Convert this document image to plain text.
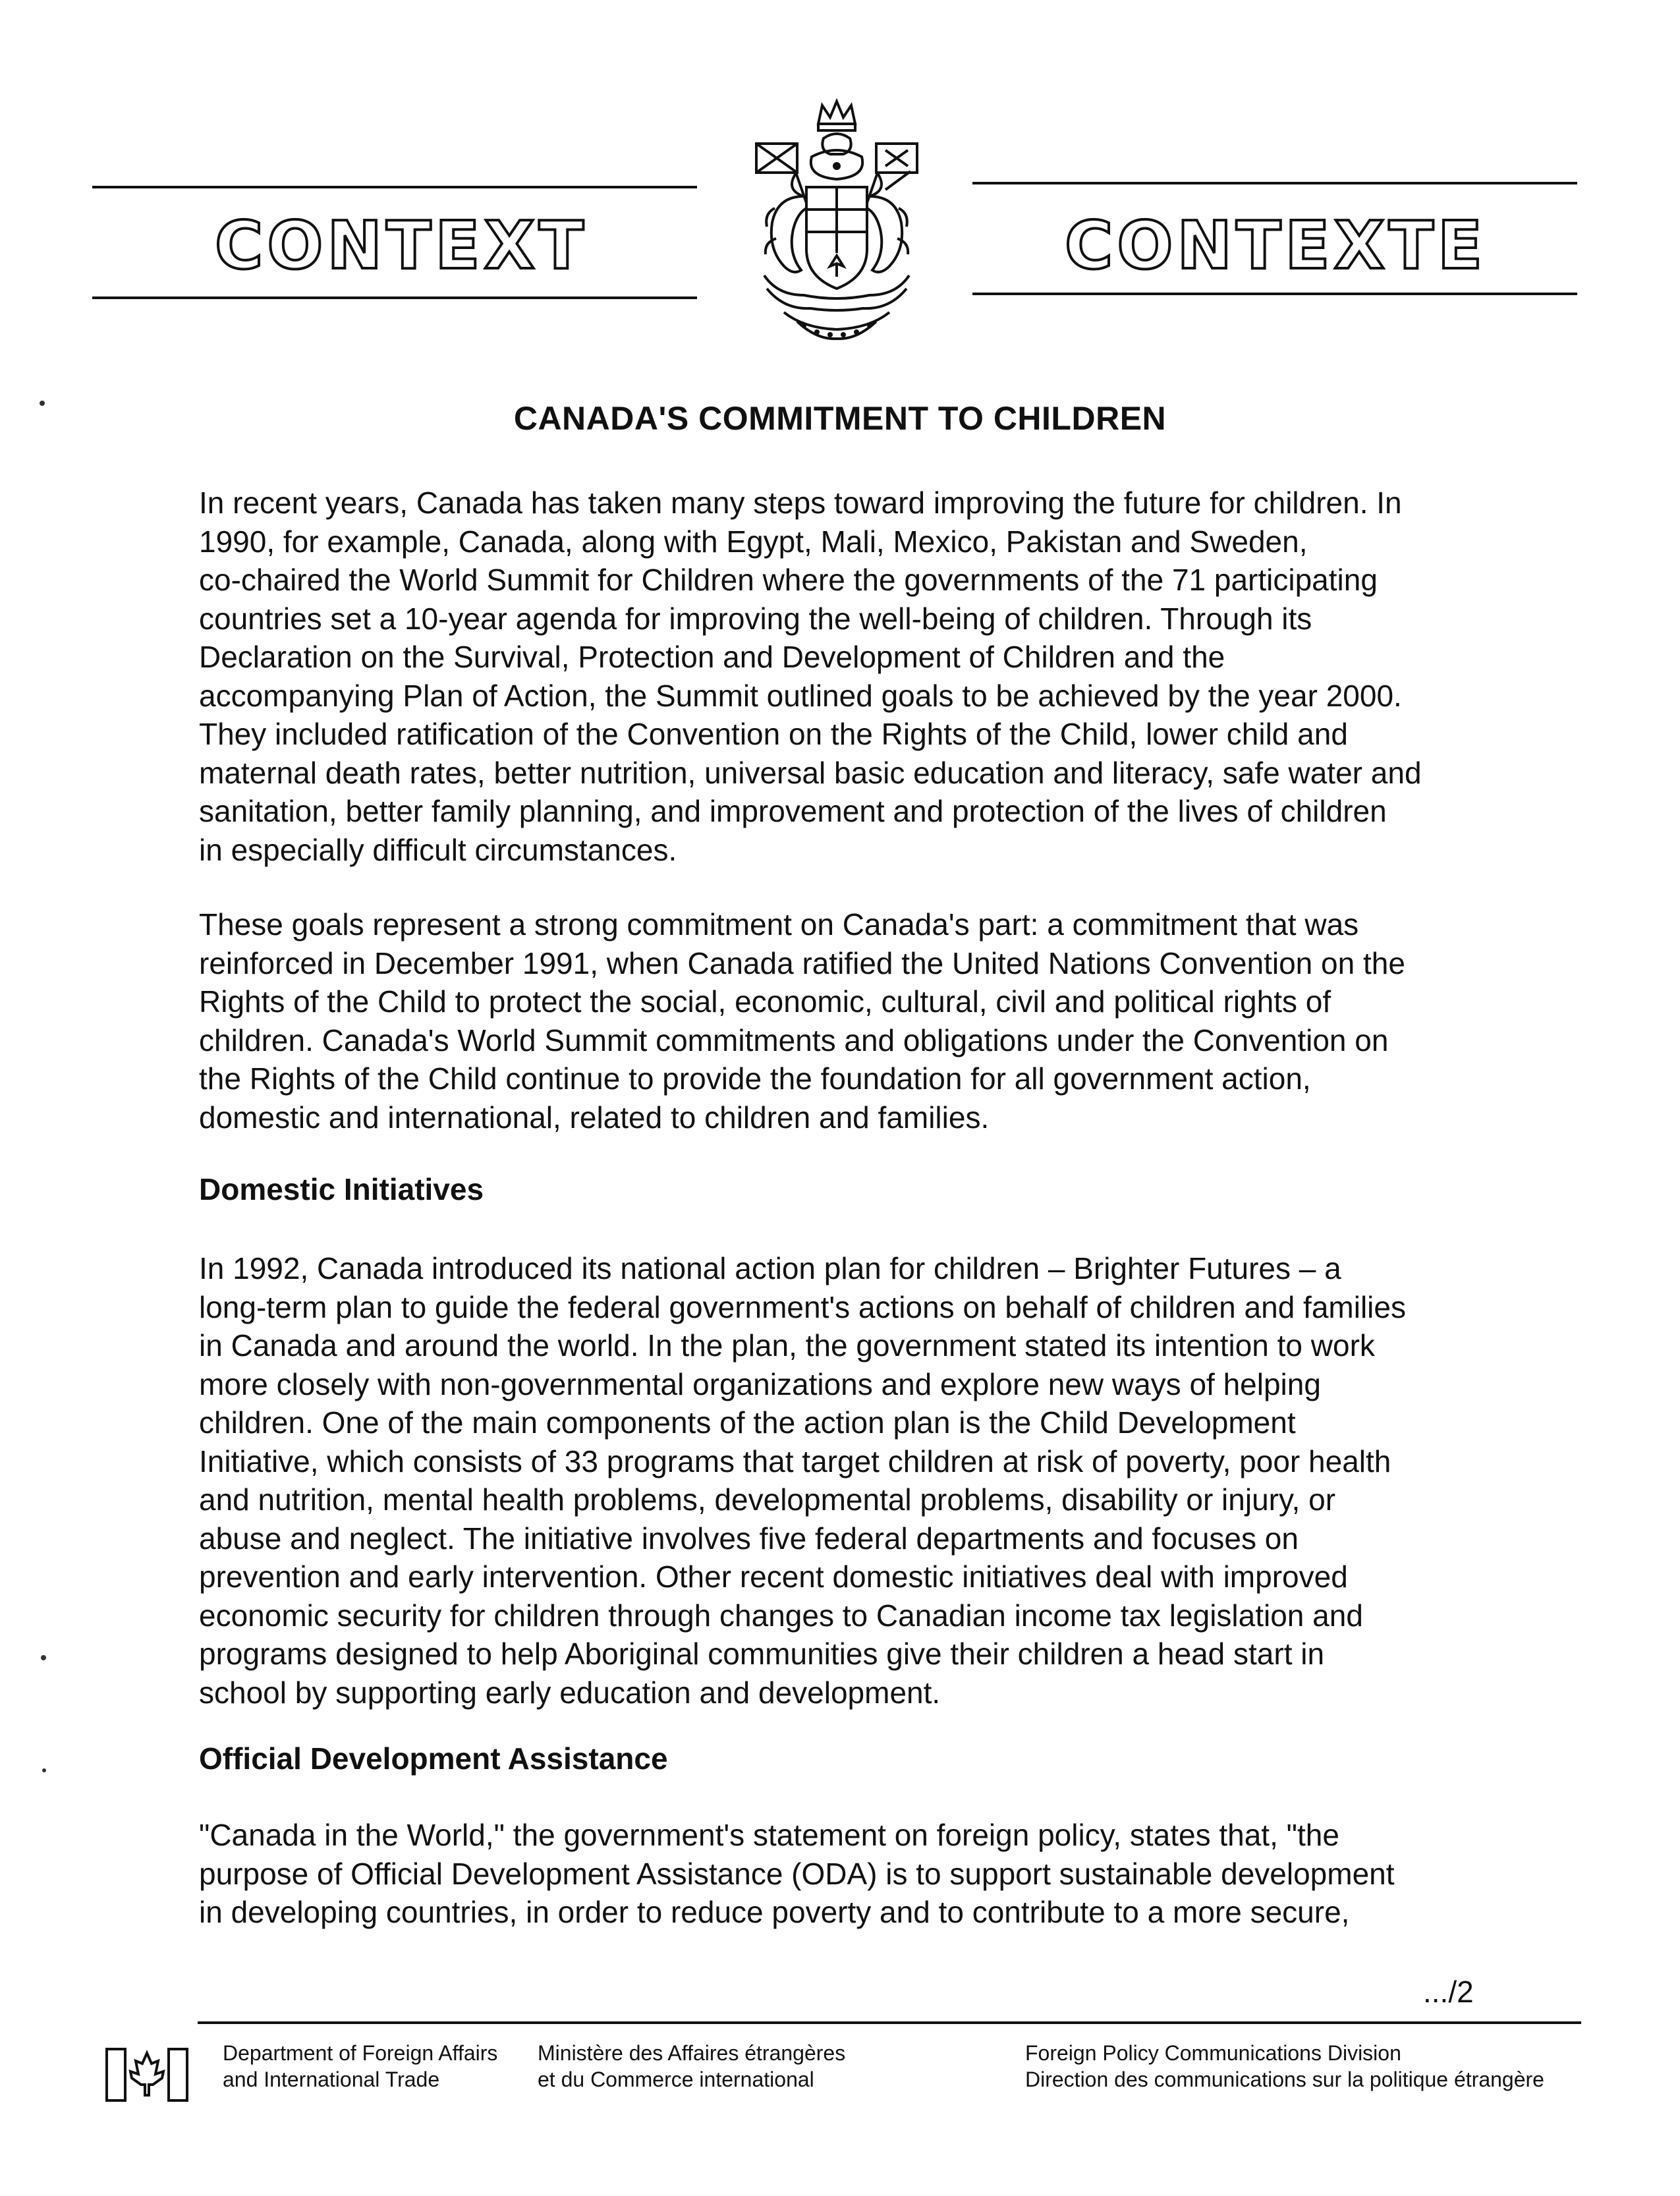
CONTEXT	CONTEXTE
CANADA'S COMMITMENT TO CHILDREN

In recent years, Canada has taken many steps toward improving the future for children. In
1990, for example, Canada, along with Egypt, Mali, Mexico, Pakistan and Sweden,
co-chaired the World Summit for Children where the governments of the 71 participating
countries set a 10-year agenda for improving the well-being of children. Through its
Declaration on the Survival, Protection and Development of Children and the
accompanying Plan of Action, the Summit outlined goals to be achieved by the year 2000.
They included ratification of the Convention on the Rights of the Child, lower child and
maternal death rates, better nutrition, universal basic education and literacy, safe water and
sanitation, better family planning, and improvement and protection of the lives of children
in especially difficult circumstances.

These goals represent a strong commitment on Canada's part: a commitment that was
reinforced in December 1991, when Canada ratified the United Nations Convention on the
Rights of the Child to protect the social, economic, cultural, civil and political rights of
children. Canada's World Summit commitments and obligations under the Convention on
the Rights of the Child continue to provide the foundation for all government action,
domestic and international, related to children and families.

Domestic Initiatives

In 1992, Canada introduced its national action plan for children – Brighter Futures – a
long-term plan to guide the federal government's actions on behalf of children and families
in Canada and around the world. In the plan, the government stated its intention to work
more closely with non-governmental organizations and explore new ways of helping
children. One of the main components of the action plan is the Child Development
Initiative, which consists of 33 programs that target children at risk of poverty, poor health
and nutrition, mental health problems, developmental problems, disability or injury, or
abuse and neglect. The initiative involves five federal departments and focuses on
prevention and early intervention. Other recent domestic initiatives deal with improved
economic security for children through changes to Canadian income tax legislation and
programs designed to help Aboriginal communities give their children a head start in
school by supporting early education and development.

Official Development Assistance

"Canada in the World," the government's statement on foreign policy, states that, "the
purpose of Official Development Assistance (ODA) is to support sustainable development
in developing countries, in order to reduce poverty and to contribute to a more secure,

.../2
Department of Foreign Affairs
and International Trade
Ministère des Affaires étrangères
et du Commerce international
Foreign Policy Communications Division
Direction des communications sur la politique étrangère
